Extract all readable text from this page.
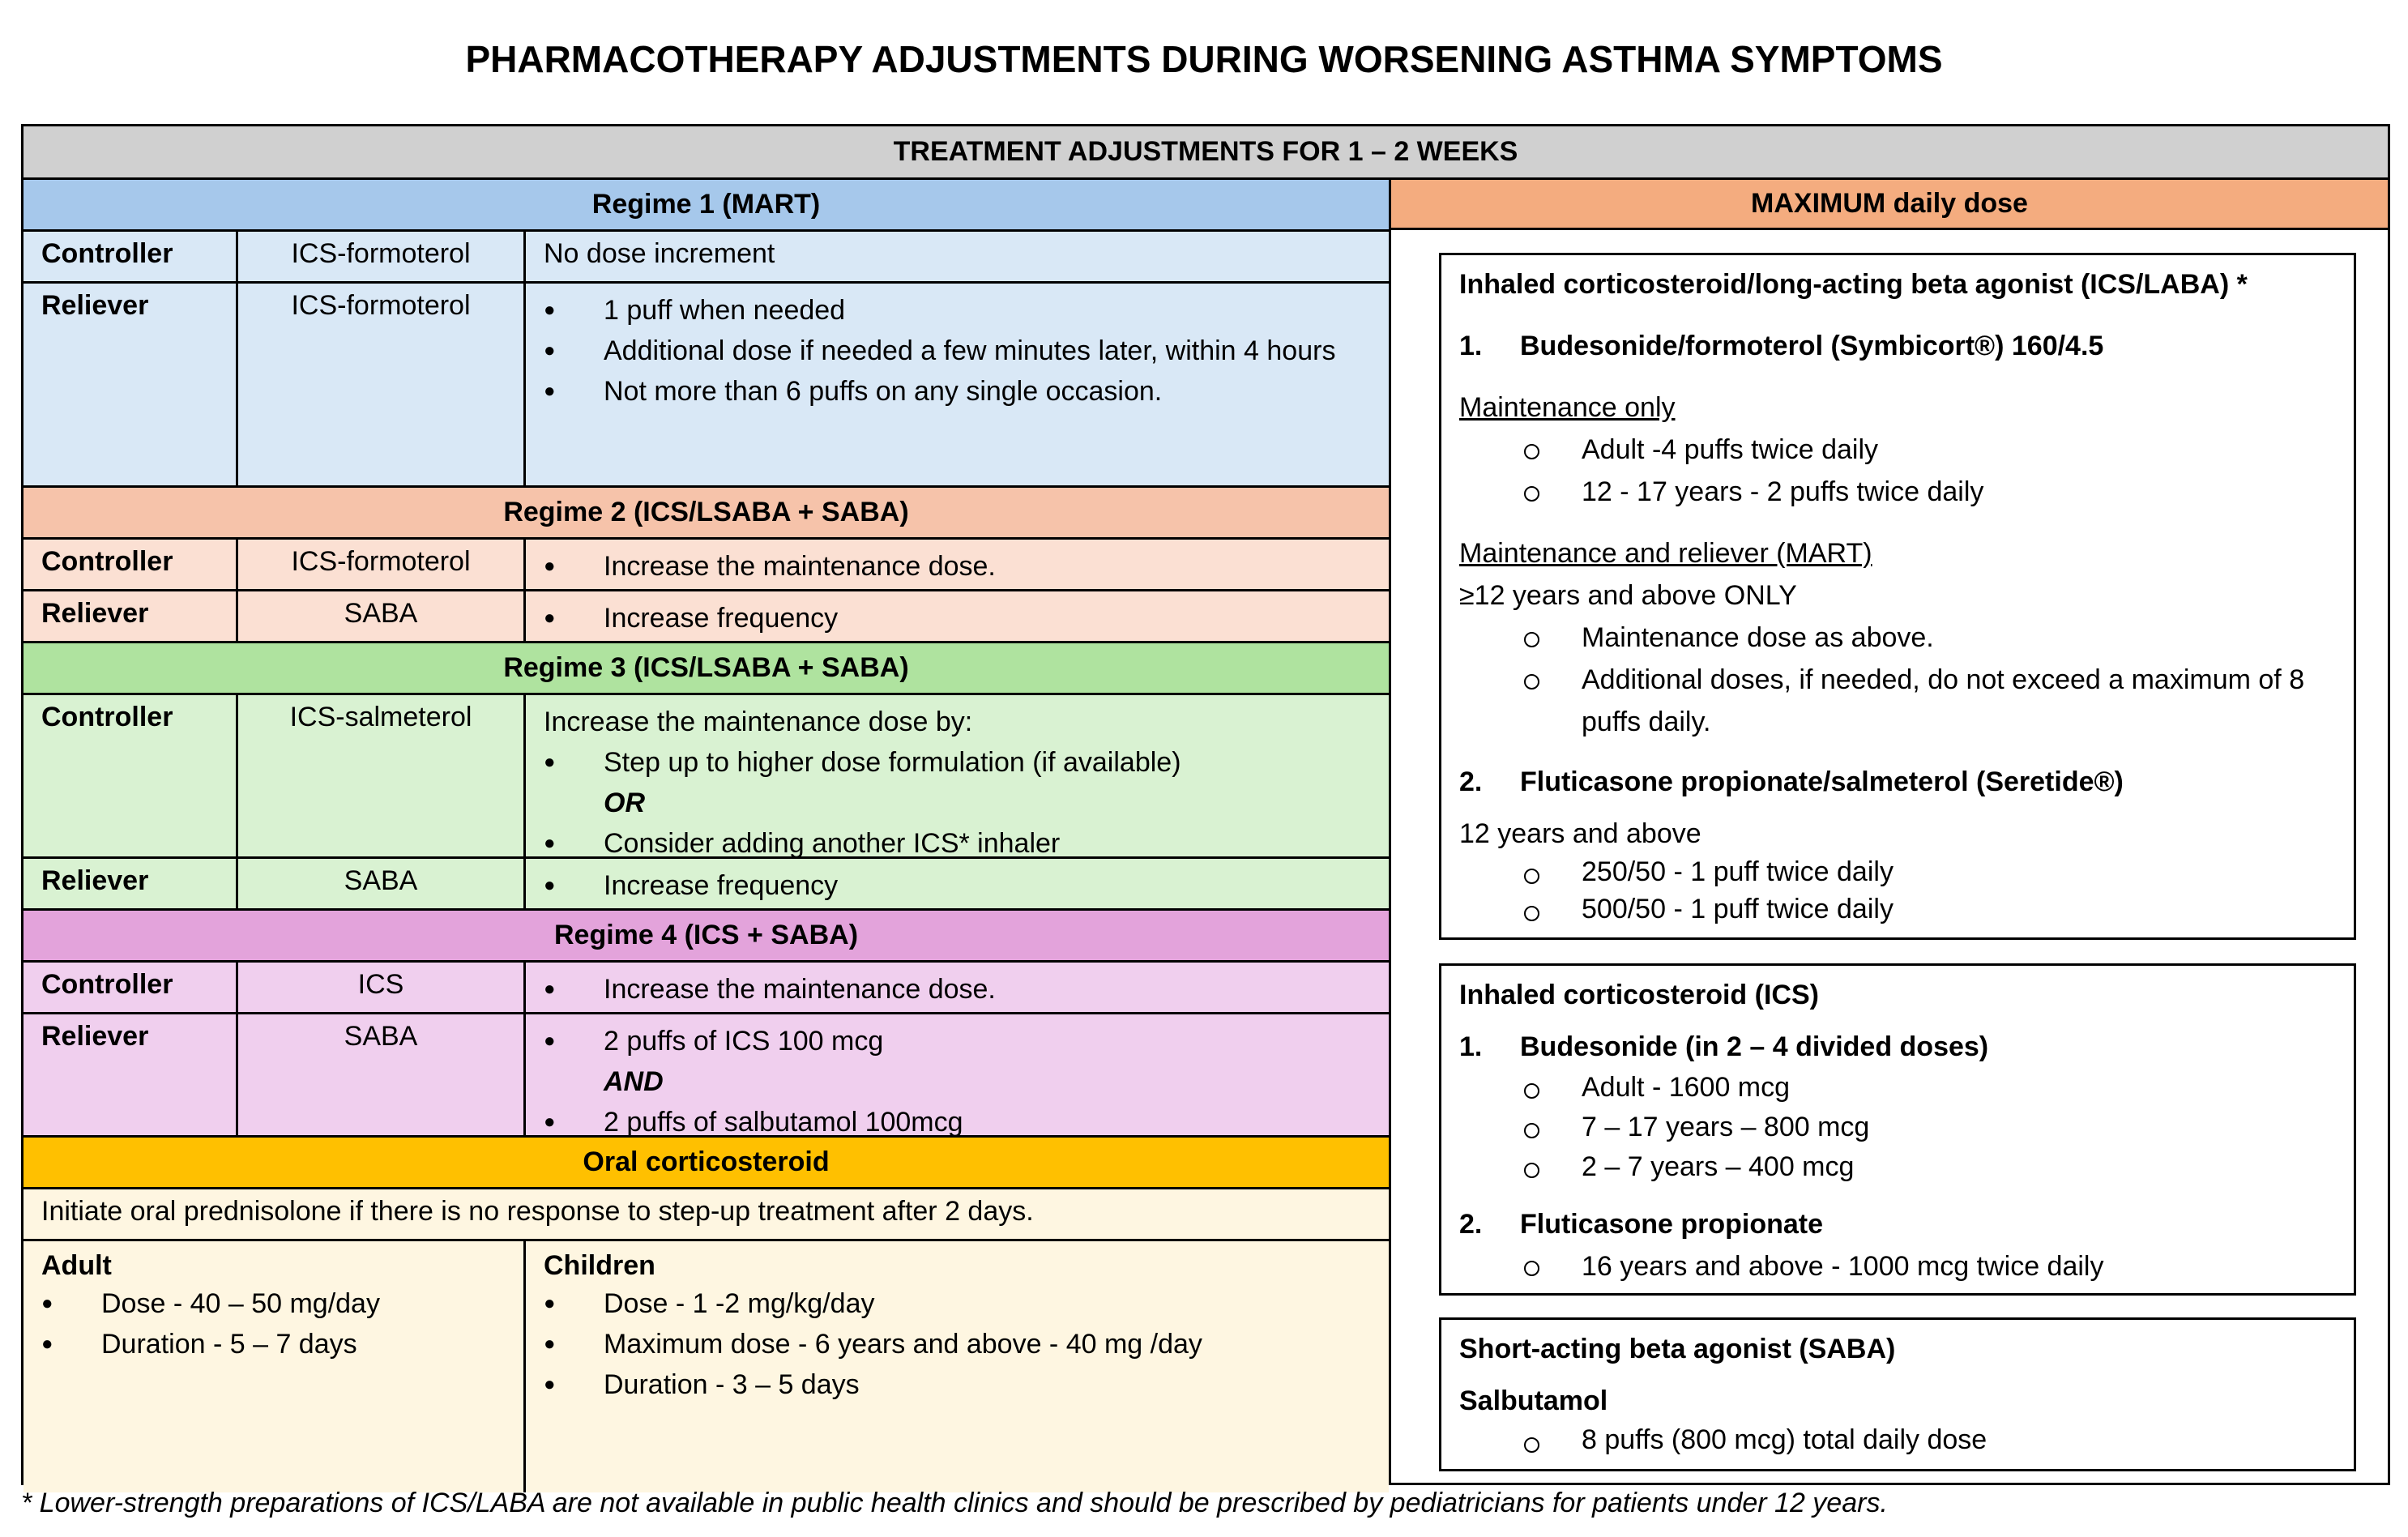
PHARMACOTHERAPY ADJUSTMENTS DURING WORSENING ASTHMA SYMPTOMS
TREATMENT ADJUSTMENTS FOR 1 – 2 WEEKS
Regime 1 (MART)
Controller	ICS-formoterol	No dose increment
Reliever	ICS-formoterol	● 1 puff when needed
● Additional dose if needed a few minutes later, within 4 hours
● Not more than 6 puffs on any single occasion.
Regime 2 (ICS/LSABA + SABA)
Controller	ICS-formoterol	● Increase the maintenance dose.
Reliever	SABA	● Increase frequency
Regime 3 (ICS/LSABA + SABA)
Controller	ICS-salmeterol	Increase the maintenance dose by:
● Step up to higher dose formulation (if available)
OR
● Consider adding another ICS* inhaler
Reliever	SABA	● Increase frequency
Regime 4 (ICS + SABA)
Controller	ICS	● Increase the maintenance dose.
Reliever	SABA	● 2 puffs of ICS 100 mcg
AND
● 2 puffs of salbutamol 100mcg
Oral corticosteroid
Initiate oral prednisolone if there is no response to step-up treatment after 2 days.
Adult
● Dose - 40 – 50 mg/day
● Duration - 5 – 7 days
Children
● Dose - 1 -2 mg/kg/day
● Maximum dose - 6 years and above - 40 mg /day
● Duration - 3 – 5 days
MAXIMUM daily dose
Inhaled corticosteroid/long-acting beta agonist (ICS/LABA) *
1.	Budesonide/formoterol (Symbicort®) 160/4.5
Maintenance only
Adult -4 puffs twice daily
12 - 17 years - 2 puffs twice daily
Maintenance and reliever (MART)
≥12 years and above ONLY
Maintenance dose as above.
Additional doses, if needed, do not exceed a maximum of 8 puffs daily.
2.	Fluticasone propionate/salmeterol (Seretide®)
12 years and above
250/50 - 1 puff twice daily
500/50 - 1 puff twice daily
Inhaled corticosteroid (ICS)
1.	Budesonide (in 2 – 4 divided doses)
Adult - 1600 mcg
7 – 17 years – 800 mcg
2 – 7 years – 400 mcg
2.	Fluticasone propionate
16 years and above - 1000 mcg twice daily
Short-acting beta agonist (SABA)
Salbutamol
8 puffs (800 mcg) total daily dose
* Lower-strength preparations of ICS/LABA are not available in public health clinics and should be prescribed by pediatricians for patients under 12 years.
